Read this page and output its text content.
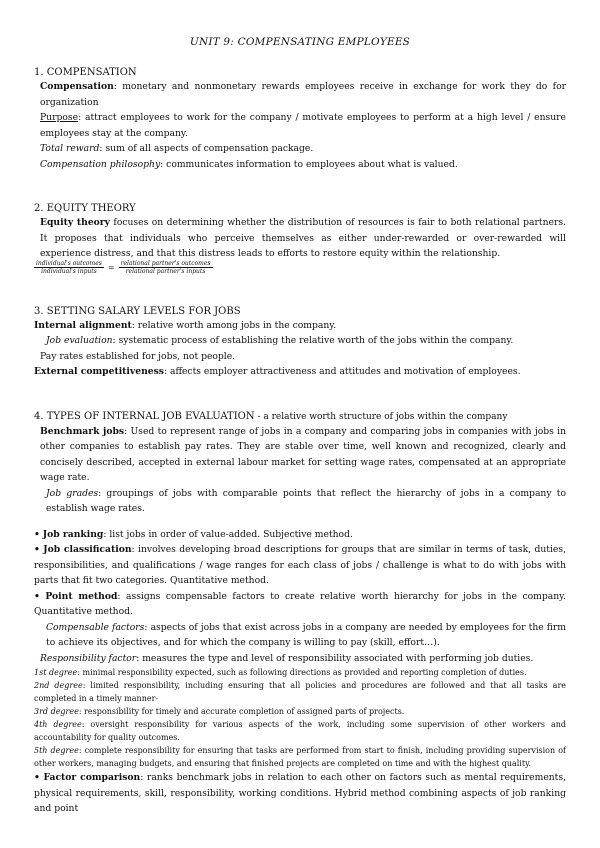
UNIT 9: COMPENSATING EMPLOYEES
1. COMPENSATION

Compensation: monetary and nonmonetary rewards employees receive in exchange for work they do for organization

Purpose: attract employees to work for the company / motivate employees to perform at a high level / ensure employees stay at the company.

Total reward: sum of all aspects of compensation package.

Compensation philosophy: communicates information to employees about what is valued.

2. EQUITY THEORY

Equity theory focuses on determining whether the distribution of resources is fair to both relational partners. It proposes that individuals who perceive themselves as either under-rewarded or over-rewarded will experience distress, and that this distress leads to efforts to restore equity within the relationship.

$\frac{\text{individual's outcomes}}{\text{individual's inputs}} = \frac{\text{relational partner's outcomes}}{\text{relational partner's inputs}}$
3. SETTING SALARY LEVELS FOR JOBS

Internal alignment: relative worth among jobs in the company.

Job evaluation: systematic process of establishing the relative worth of the jobs within the company.

Pay rates established for jobs, not people.

External competitiveness: affects employer attractiveness and attitudes and motivation of employees.

4. TYPES OF INTERNAL JOB EVALUATION - a relative worth structure of jobs within the company

Benchmark jobs: Used to represent range of jobs in a company and comparing jobs in companies with jobs in other companies to establish pay rates. They are stable over time, well known and recognized, clearly and concisely described, accepted in external labour market for setting wage rates, compensated at an appropriate wage rate.

Job grades: groupings of jobs with comparable points that reflect the hierarchy of jobs in a company to establish wage rates.

• Job ranking: list jobs in order of value-added. Subjective method.

• Job classification: involves developing broad descriptions for groups that are similar in terms of task, duties, responsibilities, and qualifications / wage ranges for each class of jobs / challenge is what to do with jobs with parts that fit two categories. Quantitative method.

• Point method: assigns compensable factors to create relative worth hierarchy for jobs in the company. Quantitative method.

Compensable factors: aspects of jobs that exist across jobs in a company are needed by employees for the firm to achieve its objectives, and for which the company is willing to pay (skill, effort…).

Responsibility factor: measures the type and level of responsibility associated with performing job duties.

1st degree: minimal responsibility expected, such as following directions as provided and reporting completion of duties.

2nd degree: limited responsibility, including ensuring that all policies and procedures are followed and that all tasks are completed in a timely manner-

3rd degree: responsibility for timely and accurate completion of assigned parts of projects.

4th degree: oversight responsibility for various aspects of the work, including some supervision of other workers and accountability for quality outcomes.

5th degree: complete responsibility for ensuring that tasks are performed from start to finish, including providing supervision of other workers, managing budgets, and ensuring that finished projects are completed on time and with the highest quality.

• Factor comparison: ranks benchmark jobs in relation to each other on factors such as mental requirements, physical requirements, skill, responsibility, working conditions. Hybrid method combining aspects of job ranking and point
